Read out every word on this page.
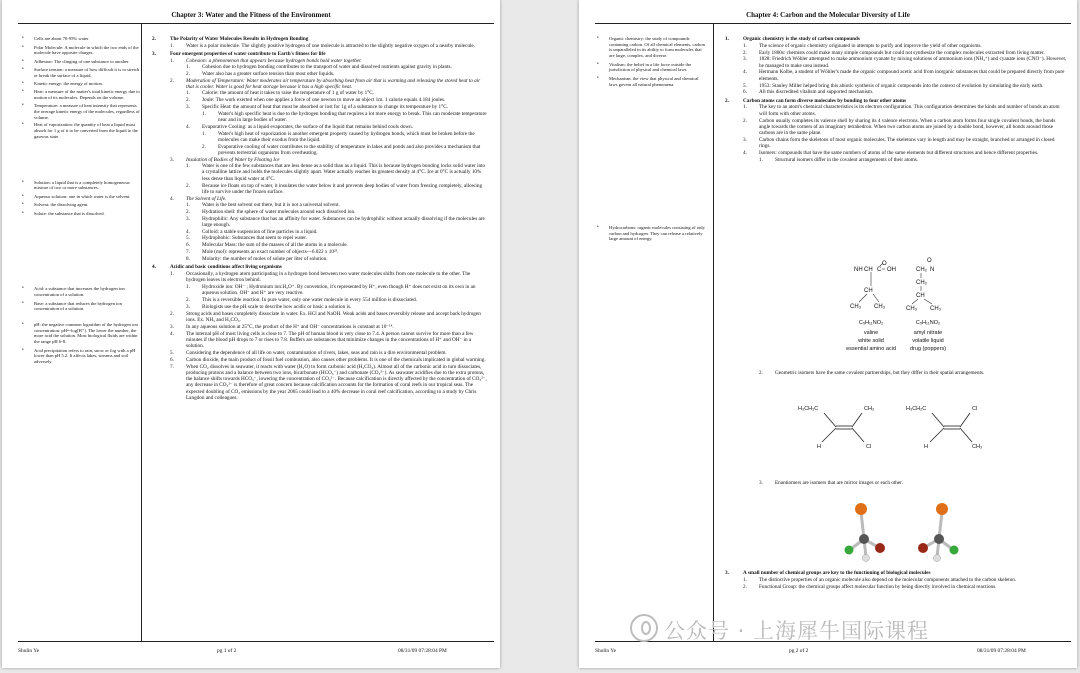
Chapter 3: Water and the Fitness of the Environment
• Cells are about 70-95% water
• Polar Molecule: A molecule in which the two ends of the molecule have opposite charges.
• Adhesion: The clinging of one substance to another
• Surface tension: a measure of how difficult it is to stretch or break the surface of a liquid.
• Kinetic energy: the energy of motion.
• Heat: a measure of the matter's total kinetic energy due to motion of its molecules. Depends on the volume.
• Temperature: a measure of heat intensity that represents the average kinetic energy of the molecules, regardless of volume.
• Heat of vaporization: the quantity of heat a liquid must absorb for 1 g of it to be converted from the liquid to the gaseous state.
• Solution: a liquid that is a completely homogeneous mixture of two or more substances.
• Aqueous solution: one in which water is the solvent.
• Solvent: the dissolving agent.
• Solute: the substance that is dissolved.
• Acid: a substance that increases the hydrogen ion concentration of a solution.
• Base: a substance that reduces the hydrogen ion concentration of a solution.
• pH: the negative common logarithm of the hydrogen ion concentration: pH=-log[H⁺]. The lower the number, the more acid the solution. Most biological fluids are within the range pH 6-8.
• Acid precipitation refers to rain, snow or fog with a pH lower than pH 5.2. It affects lakes, streams and soil adversely.
2.	The Polarity of Water Molecules Results in Hydrogen Bonding
1. Water is a polar molecule. The slightly positive hydrogen of one molecule is attracted to the slightly negative oxygen of a nearby molecule.
3.	Four emergent properties of water contribute to Earth's fitness for life
1. Cohesion: a phenomenon that appears because hydrogen bonds hold water together.
1. Cohesion due to hydrogen bonding contributes to the transport of water and dissolved nutrients against gravity in plants.
2. Water also has a greater surface tension than most other liquids.
2. Moderation of Temperature: Water moderates air temperature by absorbing heat from air that is warming and releasing the stored heat to air that is cooler. Water is good for heat storage because it has a high specific heat.
1. Calorie: the amount of heat it takes to raise the temperature of 1 g of water by 1°C.
2. Joule: The work exerted when one applies a force of one newton to move an object 1m. 1 calorie equals 4.184 joules.
3. Specific Heat: the amount of heat that must be absorbed or lost for 1g of a substance to change its temperature by 1°C.
1. Water's high specific heat is due to the hydrogen bonding that requires a lot more energy to break. This can moderate temperature near and in large bodies of water.
4. Evaporative Cooling: as a liquid evaporates, the surface of the liquid that remains behind cools down.
1. Water's high heat of vaporization is another emergent property caused by hydrogen bonds, which must be broken before the molecules can make their exodus from the liquid.
2. Evaporative cooling of water contributes to the stability of temperature in lakes and ponds and also provides a mechanism that prevents terrestrial organisms from overheating.
3. Insulation of Bodies of Water by Floating Ice
1. Water is one of the few substances that are less dense as a solid than as a liquid. This is because hydrogen bonding locks solid water into a crystalline lattice and holds the molecules slightly apart. Water actually reaches its greatest density at 4°C. Ice at 0°C is actually 10% less dense than liquid water at 4°C.
2. Because ice floats on top of water, it insulates the water below it and prevents deep bodies of water from freezing completely, allowing life to survive under the frozen surface.
4. The Solvent of Life.
1. Water is the best solvent out there, but it is not a universal solvent.
2. Hydration shell: the sphere of water molecules around each dissolved ion.
3. Hydrophilic: Any substance that has an affinity for water. Substances can be hydrophilic without actually dissolving if the molecules are large enough.
4. Colloid: a stable suspension of fine particles in a liquid.
5. Hydrophobic: Substances that seem to repel water.
6. Molecular Mass: the sum of the masses of all the atoms in a molecule.
7. Mole (mol): represents an exact number of objects—6.022 x 10²³.
8. Molarity: the number of moles of solute per liter of solution.
4.	Acidic and basic conditions affect living organisms
1. Occasionally, a hydrogen atom participating in a hydrogen bond between two water molecules shifts from one molecule to the other. The hydrogen leaves its electron behind.
1. Hydroxide ion: OH⁻ ; Hydronium ion:H₃O⁺. By convention, it's represented by H⁺, even though H⁺ does not exist on its own in an aqueous solution. OH⁻ and H⁺ are very reactive.
2. This is a reversible reaction. In pure water, only one water molecule in every 554 million is dissociated.
3. Biologists use the pH scale to describe how acidic or basic a solution is.
2. Strong acids and bases completely dissociate in water. Ex. HCl and NaOH. Weak acids and bases reversibly release and accept back hydrogen ions. Ex. NH₃ and H₂CO₃.
3. In any aqueous solution at 25°C, the product of the H⁺ and OH⁻ concentrations is constant at 10⁻¹⁴.
4. The internal pH of most living cells is close to 7. The pH of human blood is very close to 7.4. A person cannot survive for more than a few minutes if the blood pH drops to 7 or rises to 7.8. Buffers are substances that minimize changes in the concentrations of H⁺ and OH⁻ in a solution.
5. Considering the dependence of all life on water, contamination of rivers, lakes, seas and rain is a dire environmental problem.
6. Carbon dioxide, the main product of fossil fuel combustion, also causes other problems. It is one of the chemicals implicated in global warming.
7. When CO₂ dissolves in seawater, it reacts with water (H₂O) to form carbonic acid (H₂CO₃). Almost all of the carbonic acid in turn dissociates, producing protons and a balance between two ions, bicarbonate (HCO₃⁻) and carbonate (CO₃²⁻). As seawater acidifies due to the extra protons, the balance shifts towards HCO₃⁻, lowering the concentration of CO₃²⁻. Because calcification is directly affected by the concentration of CO₃²⁻, any decrease in CO₃²⁻ is therefore of great concern because calcification accounts for the formation of coral reefs in our tropical seas. The expected doubling of CO₂ emissions by the year 2065 could lead to a 40% decrease in coral reef calcification, according to a study by Chris Langdon and colleagues.
Shulin Ye	pg 1 of 2	08/31/09 07:28:04 PM
Chapter 4: Carbon and the Molecular Diversity of Life
• Organic chemistry: the study of compounds containing carbon. Of all chemical elements, carbon is unparalleled in its ability to form molecules that are large, complex, and diverse.
• Vitalism: the belief in a life force outside the jurisdiction of physical and chemical laws
• Mechanism: the view that physical and chemical laws govern all natural phenomena.
• Hydrocarbons: organic molecules consisting of only carbon and hydrogen. They can release a relatively large amount of energy.
1.	Organic chemistry is the study of carbon compounds
1. The science of organic chemistry originated in attempts to purify and improve the yield of other organisms.
2. Early 1800s: chemists could make many simple compounds but could not synthesize the complex molecules extracted from living matter.
3. 1828: Friedrich Wöhler attempted to make ammonium cyanate by mixing solutions of ammonium ions (NH₄⁺) and cyanate ions (CNO⁻). However, he managed to make urea instead.
4. Hermann Kolbe, a student of Wöhler's made the organic compound acetic acid from inorganic substances that could be prepared directly from pure elements.
5. 1953: Stanley Miller helped bring this abiotic synthesis of organic compounds into the context of evolution by simulating the early earth.
6. All this discredited vitalism and supported mechanism.
2.	Carbon atoms can form diverse molecules by bonding to four other atoms
1. The key to an atom's chemical characteristics is its electron configuration. This configuration determines the kinds and number of bonds an atom will form with other atoms.
2. Carbon usually completes its valence shell by sharing its 4 valence electrons. When a carbon atom forms four single covalent bonds, the bonds angle towards the corners of an imaginary tetrahedron. When two carbon atoms are joined by a double bond, however, all bonds around those carbons are in the same plane.
3. Carbon chains form the skeletons of most organic molecules. The skeletons vary in length and may be straight, branched or arranged in closed rings.
4. Isomers: compounds that have the same numbers of atoms of the same elements but different structures and hence different properties.
1. Structural isomers differ in the covalent arrangements of their atoms.
NH
O
CH C OH
CH
CH₃ CH₃
O
N
CH₂
CH₂
CH
CH₃ CH₃
C₅H₁₁NO₂
valine
white solid
essential amino acid
C₅H₁₁NO₂
amyl nitrate
volatile liquid
drug (poppers)
2. Geometric isomers have the same covalent partnerships, but they differ in their spatial arrangements.
H₃CH₂C	CH₃
H	Cl
H₃CH₂C	Cl
H	CH₃
3. Enantiomers are isomers that are mirror images or each other.
3.	A small number of chemical groups are key to the functioning of biological molecules
1. The distinctive properties of an organic molecule also depend on the molecular components attached to the carbon skeleton.
2. Functional Group: the chemical groups affect molecular function by being directly involved in chemical reactions.
Shulin Ye	pg 2 of 2	08/31/09 07:28:04 PM
公众号 · 上海犀牛国际课程
